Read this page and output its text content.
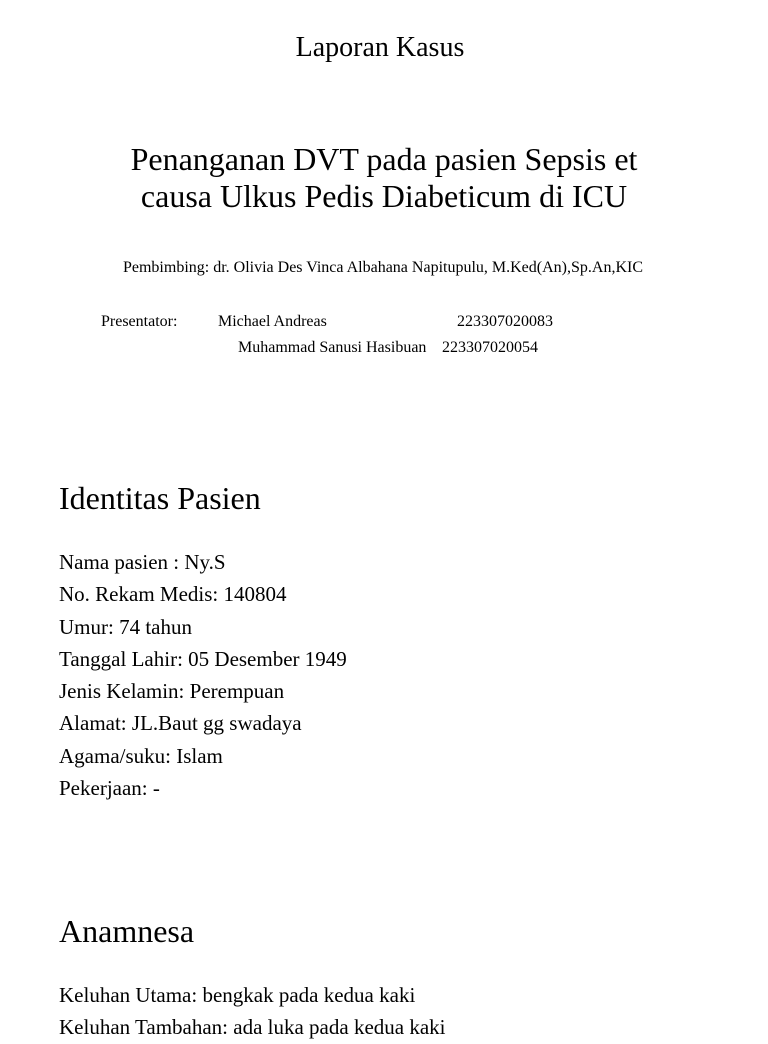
Laporan Kasus
Penanganan DVT pada pasien Sepsis et
causa Ulkus Pedis Diabeticum di ICU
Pembimbing: dr. Olivia Des Vinca Albahana Napitupulu, M.Ked(An),Sp.An,KIC
Presentator:	Michael Andreas	223307020083
Muhammad Sanusi Hasibuan 223307020054
Identitas Pasien
Nama pasien : Ny.S
No. Rekam Medis: 140804
Umur: 74 tahun
Tanggal Lahir: 05 Desember 1949
Jenis Kelamin: Perempuan
Alamat: JL.Baut gg swadaya
Agama/suku: Islam
Pekerjaan: -
Anamnesa
Keluhan Utama: bengkak pada kedua kaki
Keluhan Tambahan: ada luka pada kedua kaki
